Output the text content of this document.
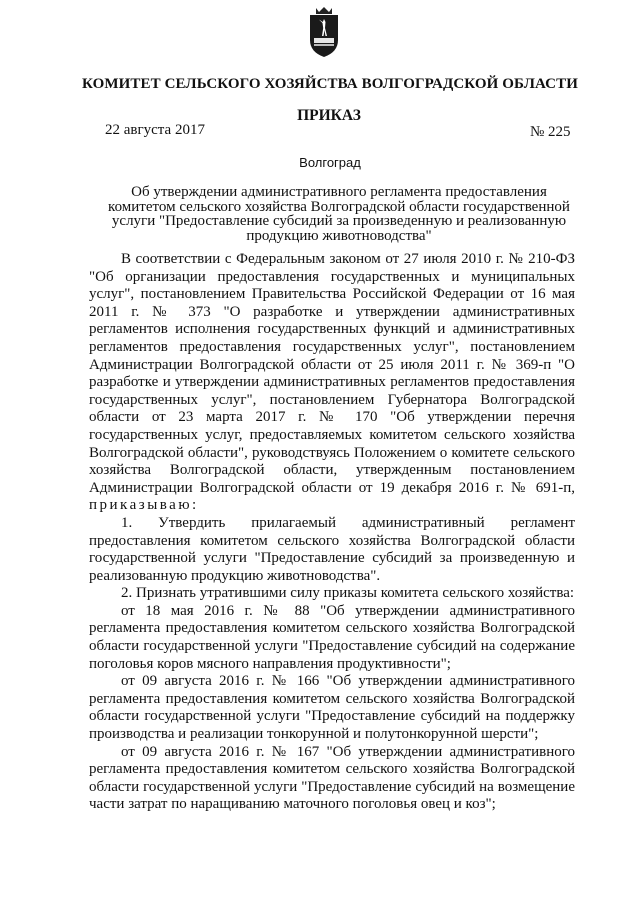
КОМИТЕТ СЕЛЬСКОГО ХОЗЯЙСТВА ВОЛГОГРАДСКОЙ ОБЛАСТИ
ПРИКАЗ
22 августа 2017	№ 225
Волгоград
Об утверждении административного регламента предоставления комитетом сельского хозяйства Волгоградской области государственной услуги "Предоставление субсидий за произведенную и реализованную продукцию животноводства"

В соответствии с Федеральным законом от 27 июля 2010 г. № 210-ФЗ "Об организации предоставления государственных и муниципальных услуг", постановлением Правительства Российской Федерации от 16 мая 2011 г. № 373 "О разработке и утверждении административных регламентов исполнения государственных функций и административных регламентов предоставления государственных услуг", постановлением Администрации Волгоградской области от 25 июля 2011 г. № 369-п "О разработке и утверждении административных регламентов предоставления государственных услуг", постановлением Губернатора Волгоградской области от 23 марта 2017 г. № 170 "Об утверждении перечня государственных услуг, предоставляемых комитетом сельского хозяйства Волгоградской области", руководствуясь Положением о комитете сельского хозяйства Волгоградской области, утвержденным постановлением Администрации Волгоградской области от 19 декабря 2016 г. № 691-п, приказываю:

1. Утвердить прилагаемый административный регламент предоставления комитетом сельского хозяйства Волгоградской области государственной услуги "Предоставление субсидий за произведенную и реализованную продукцию животноводства".

2. Признать утратившими силу приказы комитета сельского хозяйства:

от 18 мая 2016 г. № 88 "Об утверждении административного регламента предоставления комитетом сельского хозяйства Волгоградской области государственной услуги "Предоставление субсидий на содержание поголовья коров мясного направления продуктивности";

от 09 августа 2016 г. № 166 "Об утверждении административного регламента предоставления комитетом сельского хозяйства Волгоградской области государственной услуги "Предоставление субсидий на поддержку производства и реализации тонкорунной и полутонкорунной шерсти";

от 09 августа 2016 г. № 167 "Об утверждении административного регламента предоставления комитетом сельского хозяйства Волгоградской области государственной услуги "Предоставление субсидий на возмещение части затрат по наращиванию маточного поголовья овец и коз";
